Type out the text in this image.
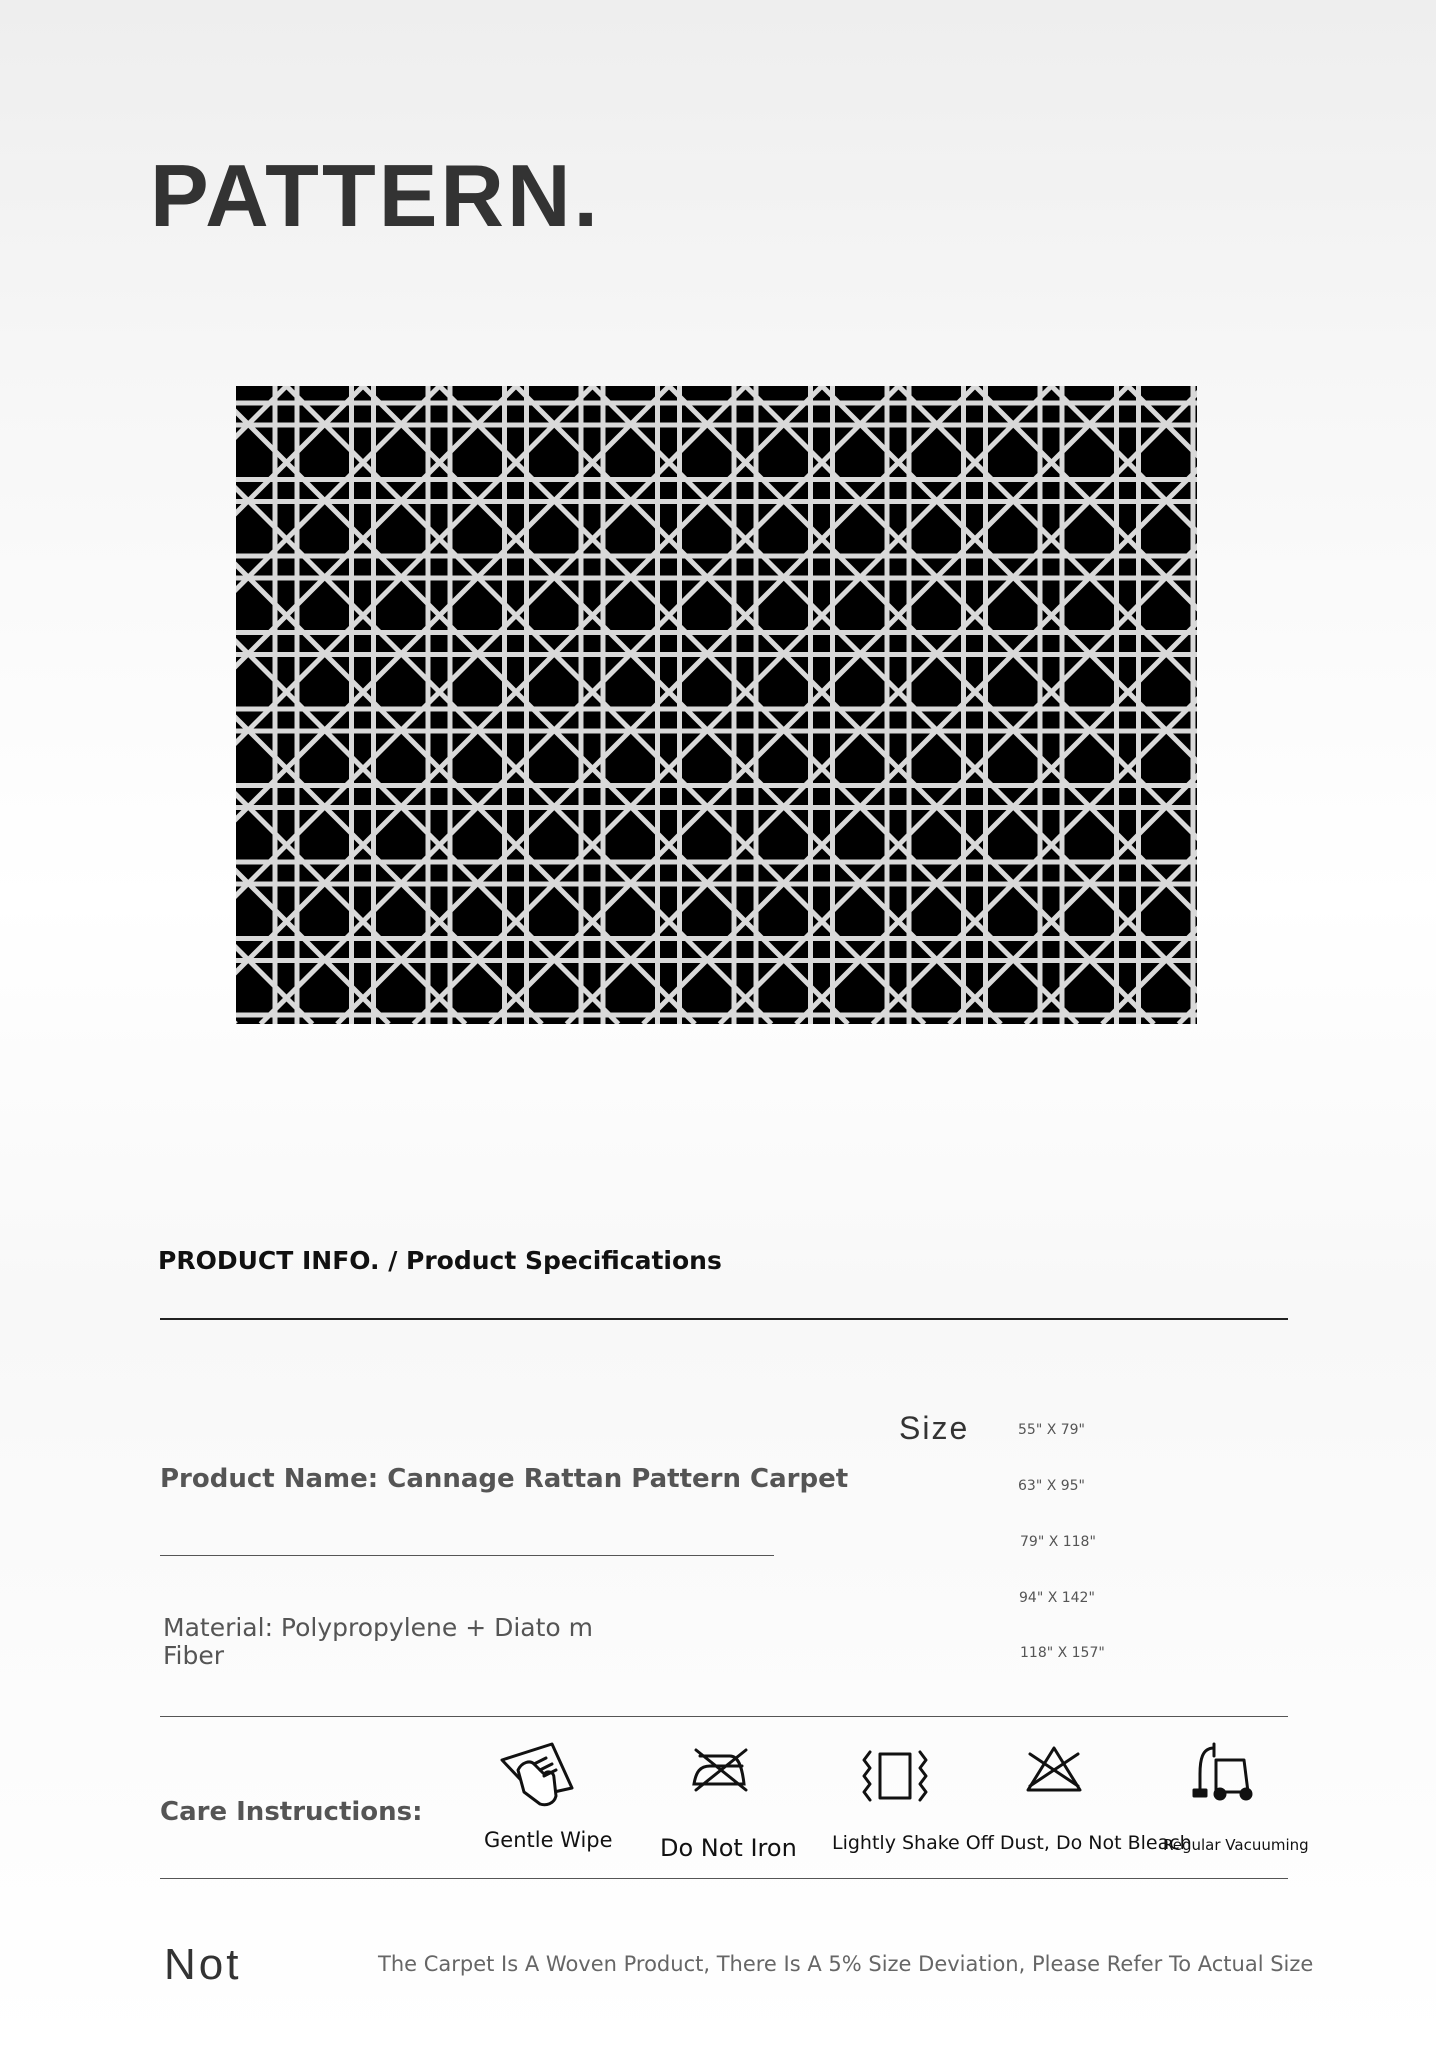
PATTERN.
PRODUCT INFO. / Product Specifications
Size	55" X 79"
63" X 95"
79" X 118"
94" X 142"
118" X 157"
Product Name: Cannage Rattan Pattern Carpet
Material: Polypropylene + Diato m Fiber
Care Instructions:
Gentle Wipe Do Not Iron Lightly Shake Off Dust, Do Not Bleach
Regular Vacuuming
Not	The Carpet Is A Woven Product, There Is A 5% Size Deviation, Please Refer To Actual Size
